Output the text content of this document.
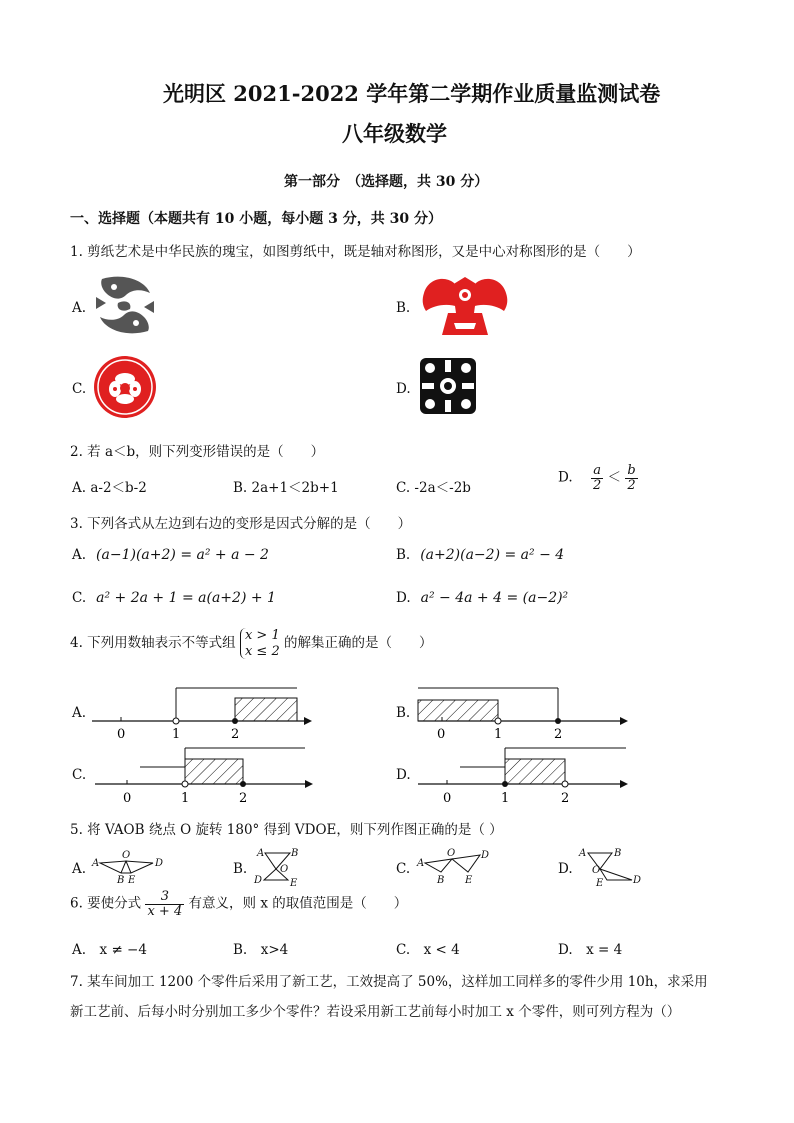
光明区 2021-2022 学年第二学期作业质量监测试卷
八年级数学
第一部分　（选择题，共 30 分）
一、选择题（本题共有 10 小题，每小题 3 分，共 30 分）
1. 剪纸艺术是中华民族的瑰宝，如图剪纸中，既是轴对称图形，又是中心对称图形的是（　　）
A.	B.
C.	D.
2. 若 a＜b，则下列变形错误的是（　　）
A. a-2＜b-2	B. 2a+1＜2b+1	C. -2a＜-2b
D. $\frac{a}{2} < \frac{b}{2}$
3. 下列各式从左边到右边的变形是因式分解的是（　　）
A. (a−1)(a+2) = a² + a − 2	B. (a+2)(a−2) = a² − 4
C. a² + 2a + 1 = a(a+2) + 1	D. a² − 4a + 4 = (a−2)²
4. 下列用数轴表示不等式组 x > 1
x ≤ 2 的解集正确的是（　　）
A.	B.
C.	D.
0	1	2	0	1	2
0	1	2	0	1	2
5. 将 VAOB 绕点 O 旋转 180° 得到 VDOE，则下列作图正确的是（ ）
A.	B.	C.	D.
A
O
B E
D
A
O
B
E
D
A
O
B E
D	A
O
B
E	D
6. 要使分式 $\frac{3}{x + 4}$ 有意义，则 x 的取值范围是（　　）
A.　x ≠ −4	B.　x>4	C.　x < 4	D.　x = 4
7. 某车间加工 1200 个零件后采用了新工艺，工效提高了 50%，这样加工同样多的零件少用 10h，求采用
新工艺前、后每小时分别加工多少个零件？若设采用新工艺前每小时加工 x 个零件，则可列方程为（）
